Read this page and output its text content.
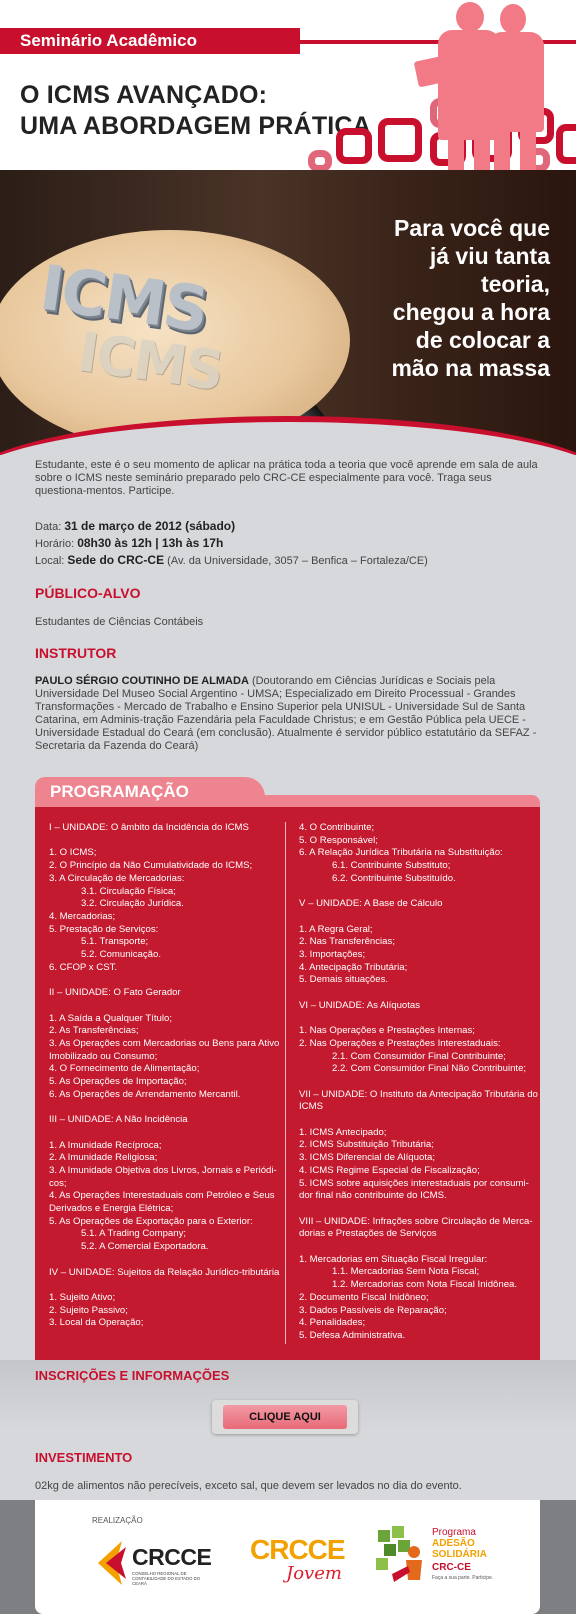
Seminário Acadêmico
O ICMS AVANÇADO:
UMA ABORDAGEM PRÁTICA
ICMS
ICMS
Para você que
já viu tanta
teoria,
chegou a hora
de colocar a
mão na massa
Estudante, este é o seu momento de aplicar na prática toda a teoria que você aprende em sala de aula sobre o ICMS neste seminário preparado pelo CRC-CE especialmente para você. Traga seus questiona-mentos. Participe.
Data: 31 de março de 2012 (sábado)
Horário: 08h30 às 12h | 13h às 17h
Local: Sede do CRC-CE (Av. da Universidade, 3057 – Benfica – Fortaleza/CE)
PÚBLICO-ALVO
Estudantes de Ciências Contábeis
INSTRUTOR
PAULO SÉRGIO COUTINHO DE ALMADA (Doutorando em Ciências Jurídicas e Sociais pela Universidade Del Museo Social Argentino - UMSA; Especializado em Direito Processual - Grandes Transformações - Mercado de Trabalho e Ensino Superior pela UNISUL - Universidade Sul de Santa Catarina, em Adminis-tração Fazendária pela Faculdade Christus; e em Gestão Pública pela UECE - Universidade Estadual do Ceará (em conclusão). Atualmente é servidor público estatutário da SEFAZ - Secretaria da Fazenda do Ceará)
PROGRAMAÇÃO
I – UNIDADE: O âmbito da Incidência do ICMS
1. O ICMS;
2. O Princípio da Não Cumulatividade do ICMS;
3. A Circulação de Mercadorias:
3.1. Circulação Física;
3.2. Circulação Jurídica.
4. Mercadorias;
5. Prestação de Serviços:
5.1. Transporte;
5.2. Comunicação.
6. CFOP x CST.
II – UNIDADE: O Fato Gerador
1. A Saída a Qualquer Título;
2. As Transferências;
3. As Operações com Mercadorias ou Bens para Ativo
Imobilizado ou Consumo;
4. O Fornecimento de Alimentação;
5. As Operações de Importação;
6. As Operações de Arrendamento Mercantil.
III – UNIDADE: A Não Incidência
1. A Imunidade Recíproca;
2. A Imunidade Religiosa;
3. A Imunidade Objetiva dos Livros, Jornais e Periódi-
cos;
4. As Operações Interestaduais com Petróleo e Seus
Derivados e Energia Elétrica;
5. As Operações de Exportação para o Exterior:
5.1. A Trading Company;
5.2. A Comercial Exportadora.
IV – UNIDADE: Sujeitos da Relação Jurídico-tributária
1. Sujeito Ativo;
2. Sujeito Passivo;
3. Local da Operação;
4. O Contribuinte;
5. O Responsável;
6. A Relação Jurídica Tributária na Substituição:
6.1. Contribuinte Substituto;
6.2. Contribuinte Substituído.
V – UNIDADE: A Base de Cálculo
1. A Regra Geral;
2. Nas Transferências;
3. Importações;
4. Antecipação Tributária;
5. Demais situações.
VI – UNIDADE: As Alíquotas
1. Nas Operações e Prestações Internas;
2. Nas Operações e Prestações Interestaduais:
2.1. Com Consumidor Final Contribuinte;
2.2. Com Consumidor Final Não Contribuinte;
VII – UNIDADE: O Instituto da Antecipação Tributária do
ICMS
1. ICMS Antecipado;
2. ICMS Substituição Tributária;
3. ICMS Diferencial de Alíquota;
4. ICMS Regime Especial de Fiscalização;
5. ICMS sobre aquisições interestaduais por consumi-
dor final não contribuinte do ICMS.
VIII – UNIDADE: Infrações sobre Circulação de Merca-
dorias e Prestações de Serviços
1. Mercadorias em Situação Fiscal Irregular:
1.1. Mercadorias Sem Nota Fiscal;
1.2. Mercadorias com Nota Fiscal Inidônea.
2. Documento Fiscal Inidôneo;
3. Dados Passíveis de Reparação;
4. Penalidades;
5. Defesa Administrativa.
INSCRIÇÕES E INFORMAÇÕES
CLIQUE AQUI
INVESTIMENTO
02kg de alimentos não perecíveis, exceto sal, que devem ser levados no dia do evento.
REALIZAÇÃO
CRCCE
CONSELHO REGIONAL DE CONTABILIDADE DO ESTADO DO CEARÁ
CRCCE
Jovem
Programa
ADESÃO
SOLIDÁRIA
CRC-CE
Faça a sua parte. Participe.
